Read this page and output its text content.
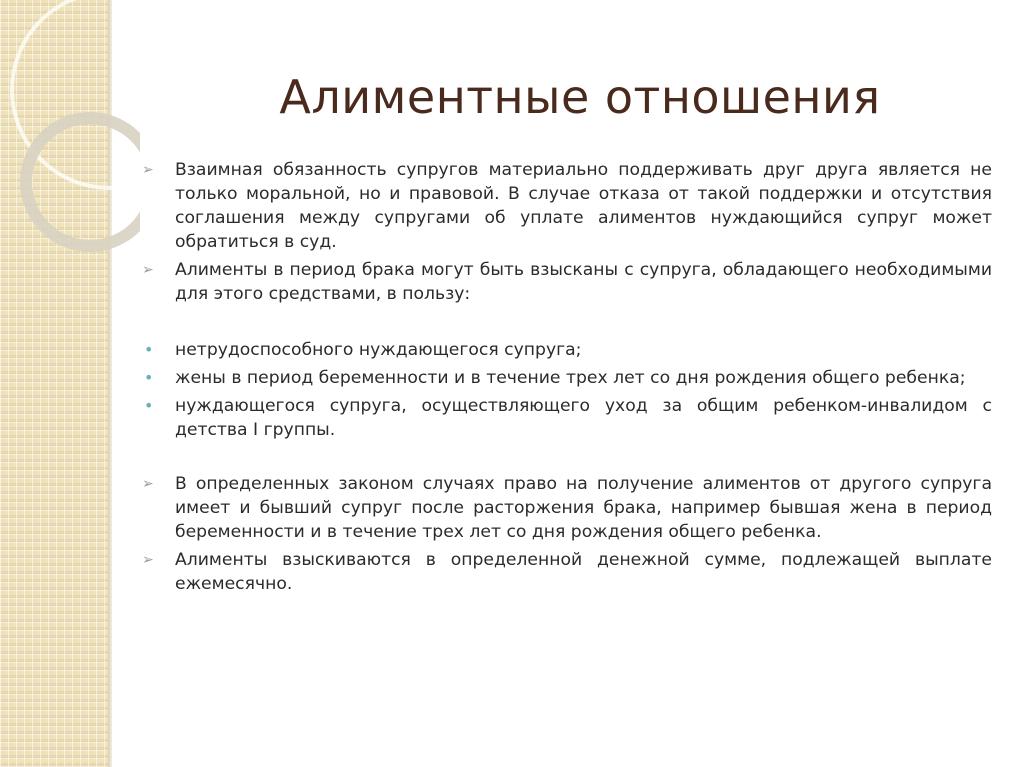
Алиментные отношения
➢ Взаимная обязанность супругов материально поддерживать друг друга является не только моральной, но и правовой. В случае отказа от такой поддержки и отсутствия соглашения между супругами об уплате алиментов нуждающийся супруг может обратиться в суд.
➢ Алименты в период брака могут быть взысканы с супруга, обладающего необходимыми для этого средствами, в пользу:
•	нетрудоспособного нуждающегося супруга;
•	жены в период беременности и в течение трех лет со дня рождения общего ребенка;
•	нуждающегося супруга, осуществляющего уход за общим ребенком-инвалидом с детства I группы.
➢ В определенных законом случаях право на получение алиментов от другого супруга имеет и бывший супруг после расторжения брака, например бывшая жена в период беременности и в течение трех лет со дня рождения общего ребенка.
➢ Алименты взыскиваются в определенной денежной сумме, подлежащей выплате ежемесячно.
